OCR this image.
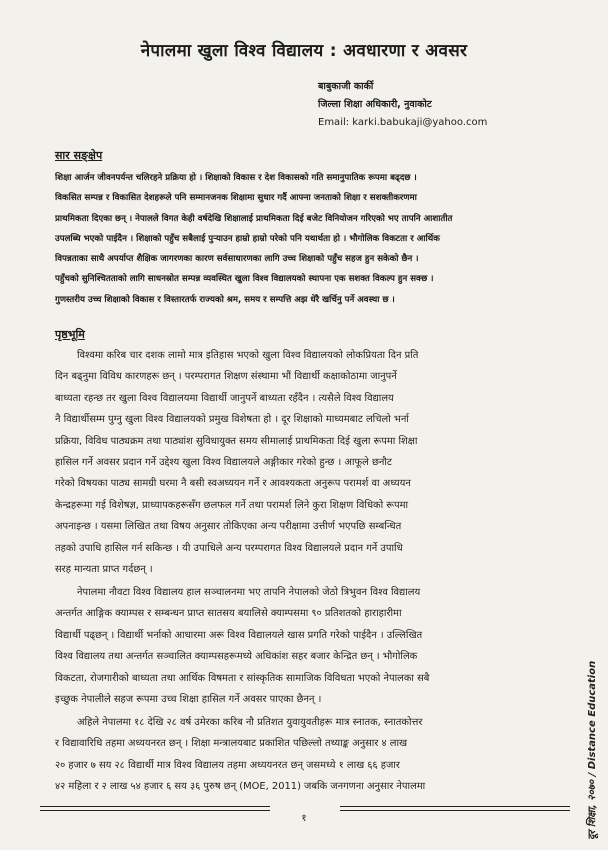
नेपालमा खुला विश्व विद्यालय : अवधारणा र अवसर
बाबुकाजी कार्की
जिल्ला शिक्षा अधिकारी, नुवाकोट
Email: karki.babukaji@yahoo.com
सार सङ्क्षेप
शिक्षा आर्जन जीवनपर्यन्त चलिरहने प्रक्रिया हो । शिक्षाको विकास र देश विकासको गति समानुपातिक रूपमा बढ्दछ ।
विकसित सम्पन्न र विकासित देशहरूले पनि सम्मानजनक शिक्षामा सुधार गर्दै आफ्ना जनताको शिक्षा र सशक्तीकरणमा
प्राथमिकता दिएका छन् । नेपालले विगत केही वर्षदेखि शिक्षालाई प्राथमिकता दिई बजेट विनियोजन गरिएको भए तापनि आशातीत
उपलब्धि भएको पाईदैन । शिक्षाको पहुँच सबैलाई पुऱ्याउन हाम्रो हाम्रो परेको पनि यथार्थता हो । भौगोलिक विकटता र आर्थिक
विपन्नताका साथै अपर्याप्त शैक्षिक जागरणका कारण सर्वसाधारणका लागि उच्च शिक्षाको पहुँच सहज हुन सकेको छैन ।
पहुँचको सुनिश्चितताको लागि साधनस्रोत सम्पन्न व्यवस्थित खुला विश्व विद्यालयको स्थापना एक सशक्त विकल्प हुन सक्छ ।
गुणस्तरीय उच्च शिक्षाको विकास र विस्तारतर्फ राज्यको श्रम, समय र सम्पत्ति अझ धेरै खर्चिनु पर्ने अवस्था छ ।
पृष्ठभूमि
विश्वमा करिब चार दशक लामो मात्र इतिहास भएको खुला विश्व विद्यालयको लोकप्रियता दिन प्रति
दिन बढ्नुमा विविध कारणहरू छन् । परम्परागत शिक्षण संस्थामा भौं विद्यार्थी कक्षाकोठामा जानुपर्ने
बाध्यता रहन्छ तर खुला विश्व विद्यालयमा विद्यार्थी जानुपर्ने बाध्यता रहँदैन । त्यसैले विश्व विद्यालय
नै विद्यार्थीसम्म पुग्नु खुला विश्व विद्यालयको प्रमुख विशेषता हो । दूर शिक्षाको माध्यमबाट लचिलो भर्ना
प्रक्रिया, विविध पाठ्यक्रम तथा पाठ्यांश सुविधायुक्त समय सीमालाई प्राथमिकता दिई खुला रूपमा शिक्षा
हासिल गर्ने अवसर प्रदान गर्ने उद्देश्य खुला विश्व विद्यालयले अङ्गीकार गरेको हुन्छ । आफूले छनौट
गरेको विषयका पाठ्य सामग्री घरमा नै बसी स्वअध्ययन गर्ने र आवश्यकता अनुरूप परामर्श वा अध्ययन
केन्द्रहरूमा गई विशेषज्ञ, प्राध्यापकहरूसँग छलफल गर्ने तथा परामर्श लिने कुरा शिक्षण विधिको रूपमा
अपनाइन्छ । यसमा लिखित तथा विषय अनुसार तोकिएका अन्य परीक्षामा उत्तीर्ण भएपछि सम्बन्धित
तहको उपाधि हासिल गर्न सकिन्छ । यी उपाधिले अन्य परम्परागत विश्व विद्यालयले प्रदान गर्ने उपाधि
सरह मान्यता प्राप्त गर्दछन् ।
नेपालमा नौवटा विश्व विद्यालय हाल सञ्चालनमा भए तापनि नेपालको जेठो त्रिभुवन विश्व विद्यालय
अन्तर्गत आङ्गिक क्याम्पस र सम्बन्धन प्राप्त सातसय बयालिसे क्याम्पसमा ९० प्रतिशतको हाराहारीमा
विद्यार्थी पढ्छन् । विद्यार्थी भर्नाको आधारमा अरू विश्व विद्यालयले खास प्रगति गरेको पाईदैन । उल्लिखित
विश्व विद्यालय तथा अन्तर्गत सञ्चालित क्याम्पसहरूमध्ये अधिकांश सहर बजार केन्द्रित छन् । भौगोलिक
विकटता, रोजगारीको बाध्यता तथा आर्थिक विषमता र सांस्कृतिक सामाजिक विविधता भएको नेपालका सबै
इच्छुक नेपालीले सहज रूपमा उच्च शिक्षा हासिल गर्ने अवसर पाएका छैनन् ।
अहिले नेपालमा १८ देखि २८ वर्ष उमेरका करिब नौ प्रतिशत युवायुवतीहरू मात्र स्नातक, स्नातकोत्तर
र विद्यावारिधि तहमा अध्ययनरत छन् । शिक्षा मन्त्रालयबाट प्रकाशित पछिल्लो तथ्याङ्क अनुसार ४ लाख
२० हजार ७ सय २८ विद्यार्थी मात्र विश्व विद्यालय तहमा अध्ययनरत छन् जसमध्ये १ लाख ६६ हजार
४२ महिला र २ लाख ५४ हजार ६ सय ३६ पुरुष छन् (MOE, 2011) जबकि जनगणना अनुसार नेपालमा	दूर शिक्षा, २०७० / Distance Education
१
